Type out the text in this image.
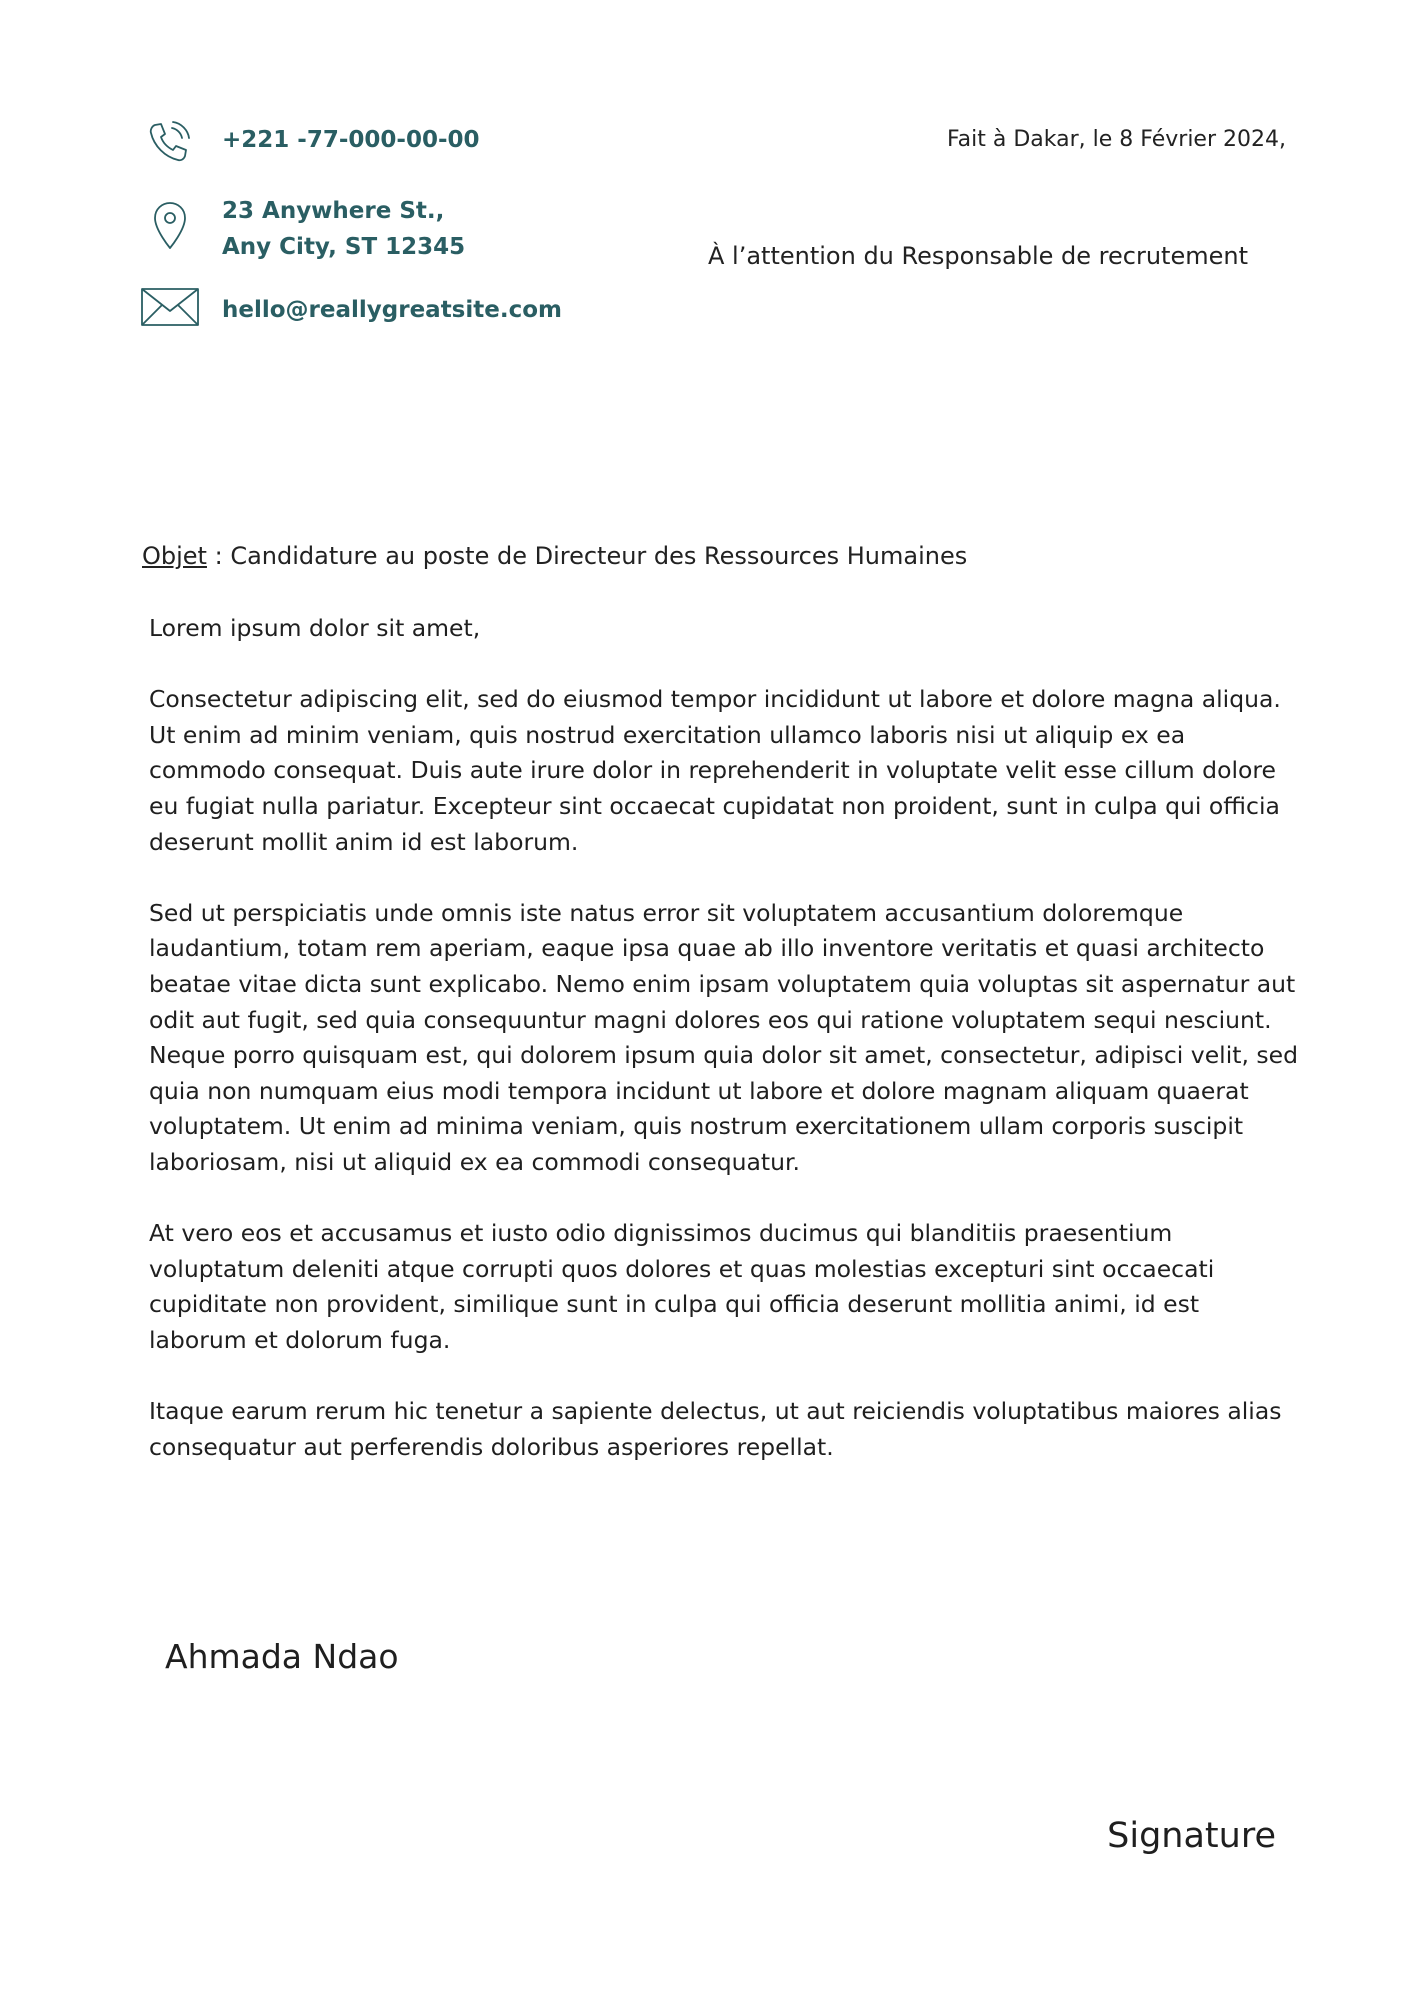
+221 -77-000-00-00
23 Anywhere St.,
Any City, ST 12345
hello@reallygreatsite.com
Fait à Dakar, le 8 Février 2024,
À l’attention du Responsable de recrutement
Objet : Candidature au poste de Directeur des Ressources Humaines

Lorem ipsum dolor sit amet,

Consectetur adipiscing elit, sed do eiusmod tempor incididunt ut labore et dolore magna aliqua. Ut enim ad minim veniam, quis nostrud exercitation ullamco laboris nisi ut aliquip ex ea commodo consequat. Duis aute irure dolor in reprehenderit in voluptate velit esse cillum dolore eu fugiat nulla pariatur. Excepteur sint occaecat cupidatat non proident, sunt in culpa qui officia deserunt mollit anim id est laborum.

Sed ut perspiciatis unde omnis iste natus error sit voluptatem accusantium doloremque laudantium, totam rem aperiam, eaque ipsa quae ab illo inventore veritatis et quasi architecto beatae vitae dicta sunt explicabo. Nemo enim ipsam voluptatem quia voluptas sit aspernatur aut odit aut fugit, sed quia consequuntur magni dolores eos qui ratione voluptatem sequi nesciunt. Neque porro quisquam est, qui dolorem ipsum quia dolor sit amet, consectetur, adipisci velit, sed quia non numquam eius modi tempora incidunt ut labore et dolore magnam aliquam quaerat voluptatem. Ut enim ad minima veniam, quis nostrum exercitationem ullam corporis suscipit laboriosam, nisi ut aliquid ex ea commodi consequatur.

At vero eos et accusamus et iusto odio dignissimos ducimus qui blanditiis praesentium voluptatum deleniti atque corrupti quos dolores et quas molestias excepturi sint occaecati cupiditate non provident, similique sunt in culpa qui officia deserunt mollitia animi, id est laborum et dolorum fuga.

Itaque earum rerum hic tenetur a sapiente delectus, ut aut reiciendis voluptatibus maiores alias consequatur aut perferendis doloribus asperiores repellat.

Ahmada Ndao
Signature
